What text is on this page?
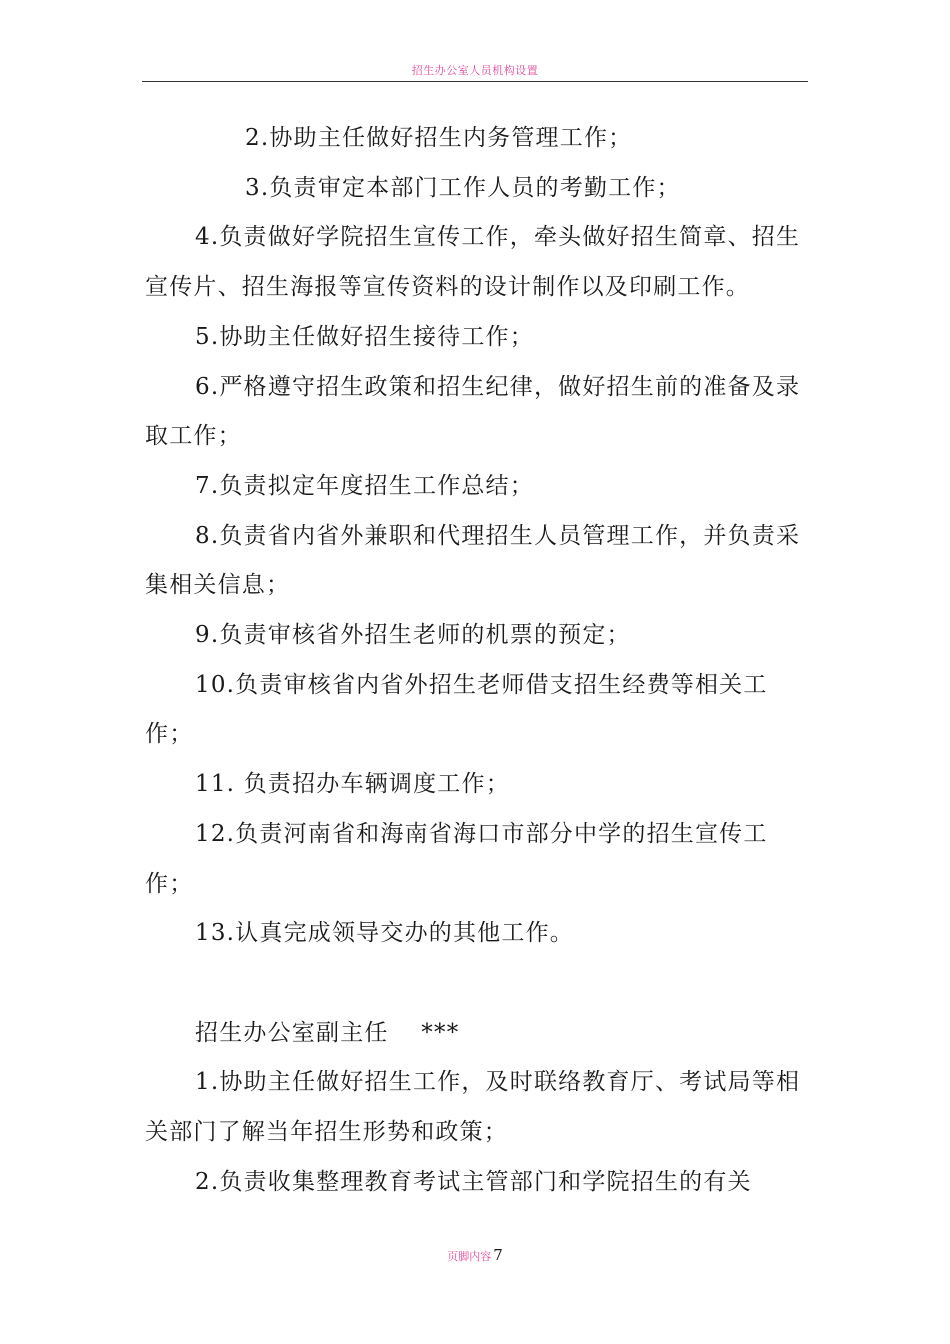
招生办公室人员机构设置

2.协助主任做好招生内务管理工作；

3.负责审定本部门工作人员的考勤工作；

4.负责做好学院招生宣传工作，牵头做好招生简章、招生宣传片、招生海报等宣传资料的设计制作以及印刷工作。

5.协助主任做好招生接待工作；

6.严格遵守招生政策和招生纪律，做好招生前的准备及录取工作；

7.负责拟定年度招生工作总结；

8.负责省内省外兼职和代理招生人员管理工作，并负责采集相关信息；

9.负责审核省外招生老师的机票的预定；

10.负责审核省内省外招生老师借支招生经费等相关工作；

11. 负责招办车辆调度工作；

12.负责河南省和海南省海口市部分中学的招生宣传工作；

13.认真完成领导交办的其他工作。

招生办公室副主任　 ***

1.协助主任做好招生工作，及时联络教育厅、考试局等相关部门了解当年招生形势和政策；

2.负责收集整理教育考试主管部门和学院招生的有关

页脚内容 7
